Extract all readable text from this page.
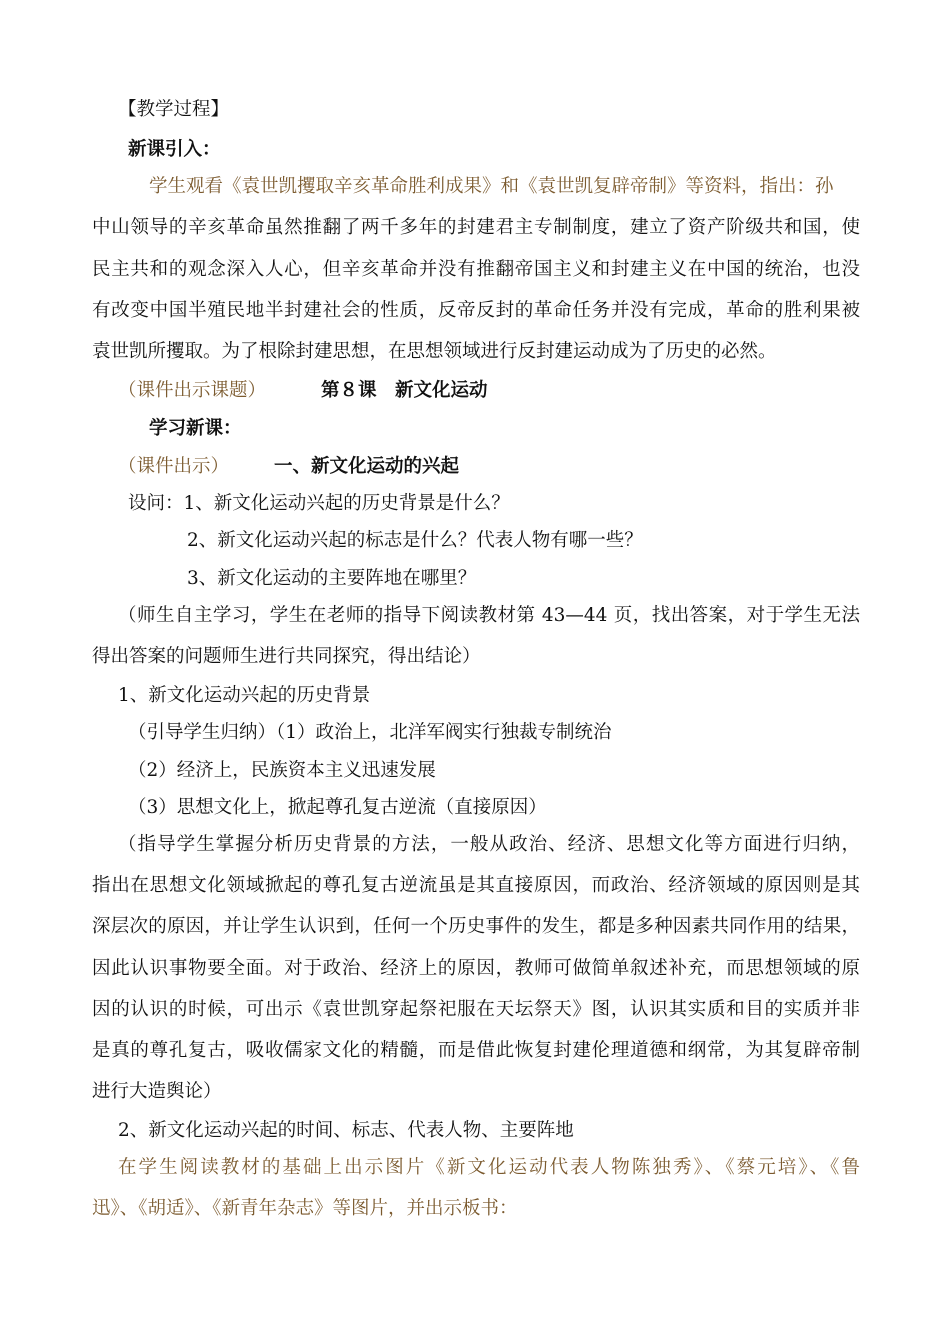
【教学过程】
新课引入：
学生观看《袁世凯攫取辛亥革命胜利成果》和《袁世凯复辟帝制》等资料，指出：孙
中山领导的辛亥革命虽然推翻了两千多年的封建君主专制制度，建立了资产阶级共和国，使
民主共和的观念深入人心，但辛亥革命并没有推翻帝国主义和封建主义在中国的统治，也没
有改变中国半殖民地半封建社会的性质，反帝反封的革命任务并没有完成，革命的胜利果被
袁世凯所攫取。为了根除封建思想，在思想领域进行反封建运动成为了历史的必然。
（课件出示课题）	第８课　新文化运动
学习新课：
（课件出示） 一、新文化运动的兴起
设问：1、新文化运动兴起的历史背景是什么？
2、新文化运动兴起的标志是什么？代表人物有哪一些？
3、新文化运动的主要阵地在哪里？
（师生自主学习，学生在老师的指导下阅读教材第 43—44 页，找出答案，对于学生无法
得出答案的问题师生进行共同探究，得出结论）
1、新文化运动兴起的历史背景
（引导学生归纳）（1）政治上，北洋军阀实行独裁专制统治
（2）经济上，民族资本主义迅速发展
（3）思想文化上，掀起尊孔复古逆流（直接原因）
（指导学生掌握分析历史背景的方法，一般从政治、经济、思想文化等方面进行归纳，
指出在思想文化领域掀起的尊孔复古逆流虽是其直接原因，而政治、经济领域的原因则是其
深层次的原因，并让学生认识到，任何一个历史事件的发生，都是多种因素共同作用的结果，
因此认识事物要全面。对于政治、经济上的原因，教师可做简单叙述补充，而思想领域的原
因的认识的时候，可出示《袁世凯穿起祭祀服在天坛祭天》图，认识其实质和目的实质并非
是真的尊孔复古，吸收儒家文化的精髓，而是借此恢复封建伦理道德和纲常，为其复辟帝制
进行大造舆论）
2、新文化运动兴起的时间、标志、代表人物、主要阵地
在学生阅读教材的基础上出示图片《新文化运动代表人物陈独秀》、《蔡元培》、《鲁
迅》、《胡适》、《新青年杂志》等图片，并出示板书：
